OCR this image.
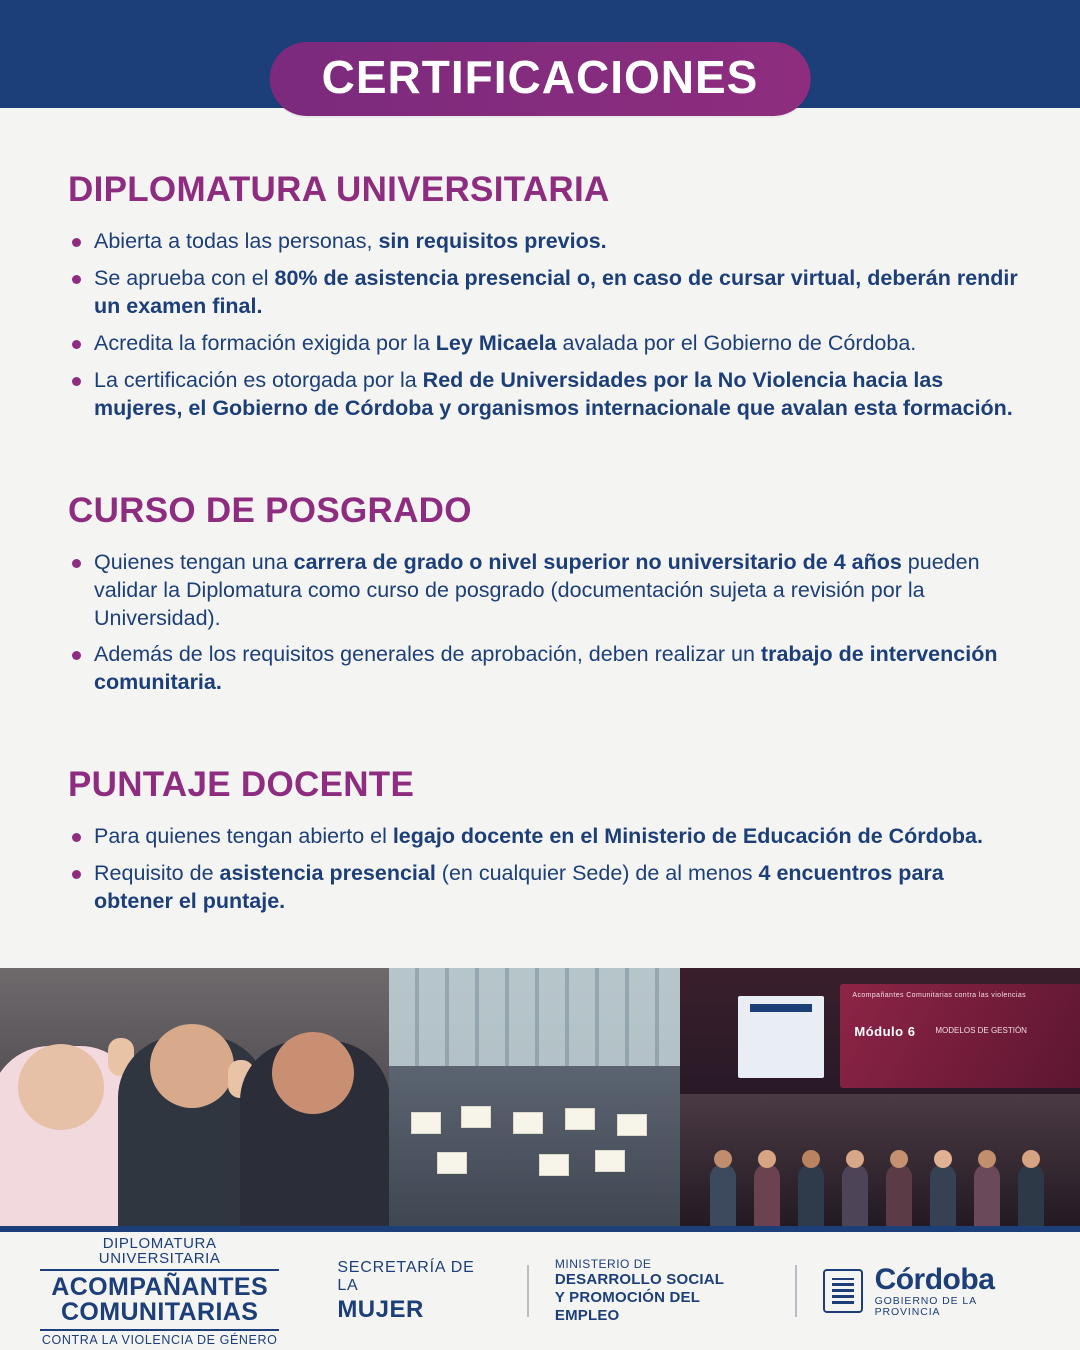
CERTIFICACIONES
DIPLOMATURA UNIVERSITARIA
Abierta a todas las personas, sin requisitos previos.
Se aprueba con el 80% de asistencia presencial o, en caso de cursar virtual, deberán rendir un examen final.
Acredita la formación exigida por la Ley Micaela avalada por el Gobierno de Córdoba.
La certificación es otorgada por la Red de Universidades por la No Violencia hacia las mujeres, el Gobierno de Córdoba y organismos internacionale que avalan esta formación.
CURSO DE POSGRADO
Quienes tengan una carrera de grado o nivel superior no universitario de 4 años pueden validar la Diplomatura como curso de posgrado (documentación sujeta a revisión por la Universidad).
Además de los requisitos generales de aprobación, deben realizar un trabajo de intervención comunitaria.
PUNTAJE DOCENTE
Para quienes tengan abierto el legajo docente en el Ministerio de Educación de Córdoba.
Requisito de asistencia presencial (en cualquier Sede) de al menos 4 encuentros para obtener el puntaje.
Acompañantes Comunitarias contra las violencias
Módulo 6 MODELOS DE GESTIÓN
DIPLOMATURA UNIVERSITARIA
ACOMPAÑANTES
COMUNITARIAS
CONTRA LA VIOLENCIA DE GÉNERO
SECRETARÍA DE LA
MUJER
MINISTERIO DE
DESARROLLO SOCIAL
Y PROMOCIÓN DEL EMPLEO
Córdoba
GOBIERNO DE LA PROVINCIA
